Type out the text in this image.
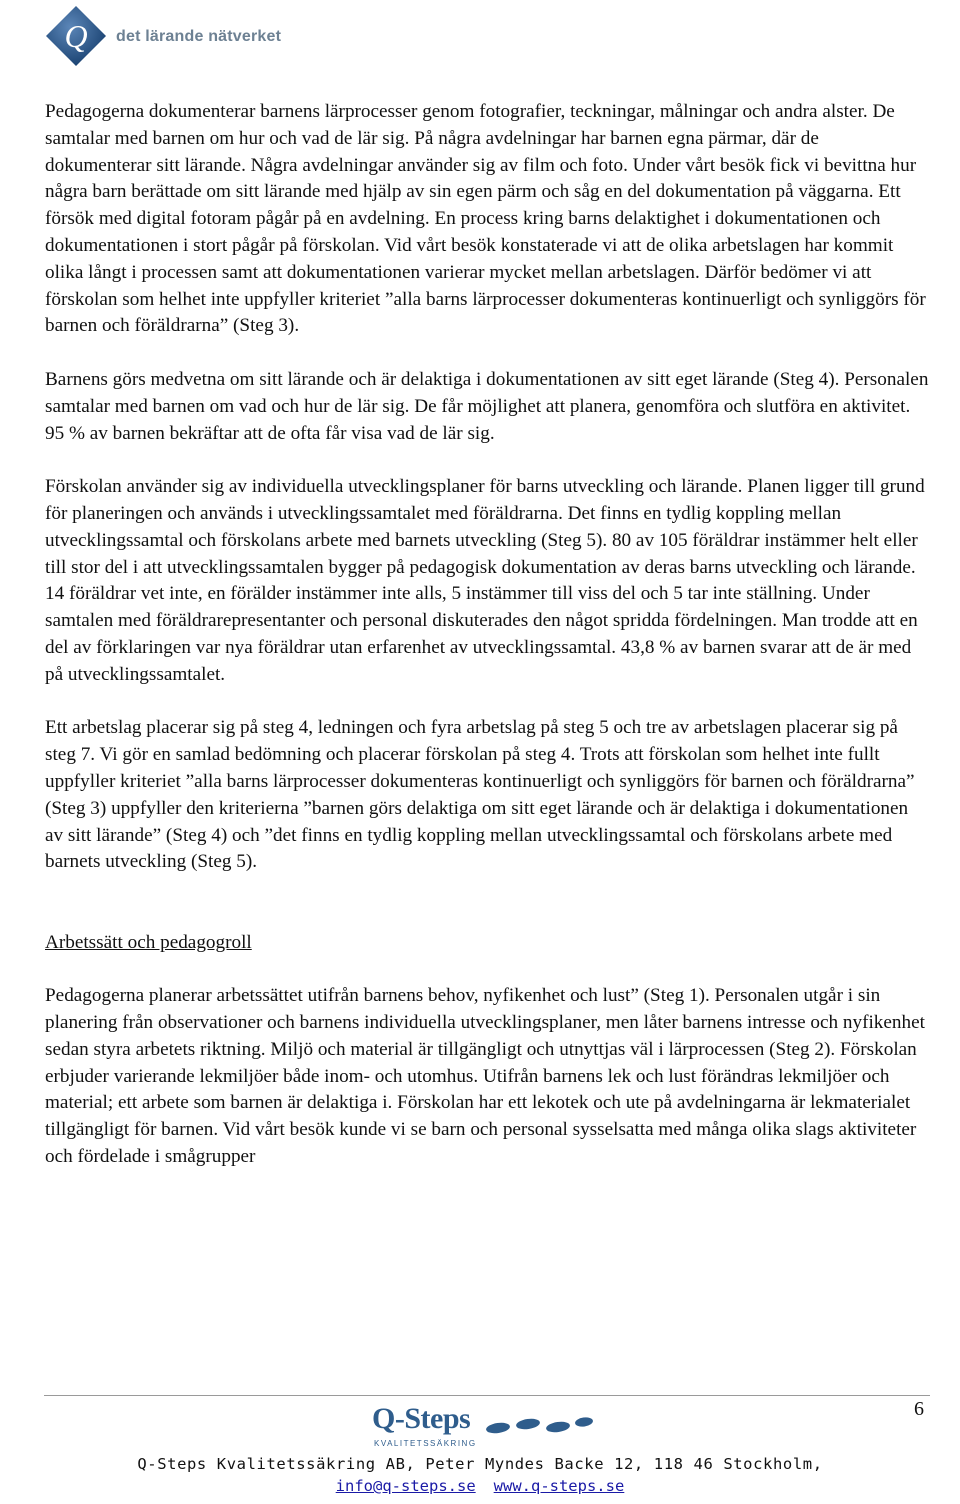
Q det lärande nätverket

Pedagogerna dokumenterar barnens lärprocesser genom fotografier, teckningar, målningar och andra alster. De samtalar med barnen om hur och vad de lär sig. På några avdelningar har barnen egna pärmar, där de dokumenterar sitt lärande. Några avdelningar använder sig av film och foto. Under vårt besök fick vi bevittna hur några barn berättade om sitt lärande med hjälp av sin egen pärm och såg en del dokumentation på väggarna. Ett försök med digital fotoram pågår på en avdelning. En process kring barns delaktighet i dokumentationen och dokumentationen i stort pågår på förskolan. Vid vårt besök konstaterade vi att de olika arbetslagen har kommit olika långt i processen samt att dokumentationen varierar mycket mellan arbetslagen. Därför bedömer vi att förskolan som helhet inte uppfyller kriteriet ”alla barns lärprocesser dokumenteras kontinuerligt och synliggörs för barnen och föräldrarna” (Steg 3).

Barnens görs medvetna om sitt lärande och är delaktiga i dokumentationen av sitt eget lärande (Steg 4). Personalen samtalar med barnen om vad och hur de lär sig. De får möjlighet att planera, genomföra och slutföra en aktivitet. 95 % av barnen bekräftar att de ofta får visa vad de lär sig.

Förskolan använder sig av individuella utvecklingsplaner för barns utveckling och lärande. Planen ligger till grund för planeringen och används i utvecklingssamtalet med föräldrarna. Det finns en tydlig koppling mellan utvecklingssamtal och förskolans arbete med barnets utveckling (Steg 5). 80 av 105 föräldrar instämmer helt eller till stor del i att utvecklingssamtalen bygger på pedagogisk dokumentation av deras barns utveckling och lärande. 14 föräldrar vet inte, en förälder instämmer inte alls, 5 instämmer till viss del och 5 tar inte ställning. Under samtalen med föräldrarepresentanter och personal diskuterades den något spridda fördelningen. Man trodde att en del av förklaringen var nya föräldrar utan erfarenhet av utvecklingssamtal. 43,8 % av barnen svarar att de är med på utvecklingssamtalet.

Ett arbetslag placerar sig på steg 4, ledningen och fyra arbetslag på steg 5 och tre av arbetslagen placerar sig på steg 7. Vi gör en samlad bedömning och placerar förskolan på steg 4. Trots att förskolan som helhet inte fullt uppfyller kriteriet ”alla barns lärprocesser dokumenteras kontinuerligt och synliggörs för barnen och föräldrarna” (Steg 3) uppfyller den kriterierna ”barnen görs delaktiga om sitt eget lärande och är delaktiga i dokumentationen av sitt lärande” (Steg 4) och ”det finns en tydlig koppling mellan utvecklingssamtal och förskolans arbete med barnets utveckling (Steg 5).

Arbetssätt och pedagogroll

Pedagogerna planerar arbetssättet utifrån barnens behov, nyfikenhet och lust” (Steg 1). Personalen utgår i sin planering från observationer och barnens individuella utvecklingsplaner, men låter barnens intresse och nyfikenhet sedan styra arbetets riktning. Miljö och material är tillgängligt och utnyttjas väl i lärprocessen (Steg 2). Förskolan erbjuder varierande lekmiljöer både inom- och utomhus. Utifrån barnens lek och lust förändras lekmiljöer och material; ett arbete som barnen är delaktiga i. Förskolan har ett lekotek och ute på avdelningarna är lekmaterialet tillgängligt för barnen. Vid vårt besök kunde vi se barn och personal sysselsatta med många olika slags aktiviteter och fördelade i smågrupper

6
Q-Steps
KVALITETSSÄKRING
Q-Steps Kvalitetssäkring AB, Peter Myndes Backe 12, 118 46 Stockholm,
info@q-steps.se www.q-steps.se
